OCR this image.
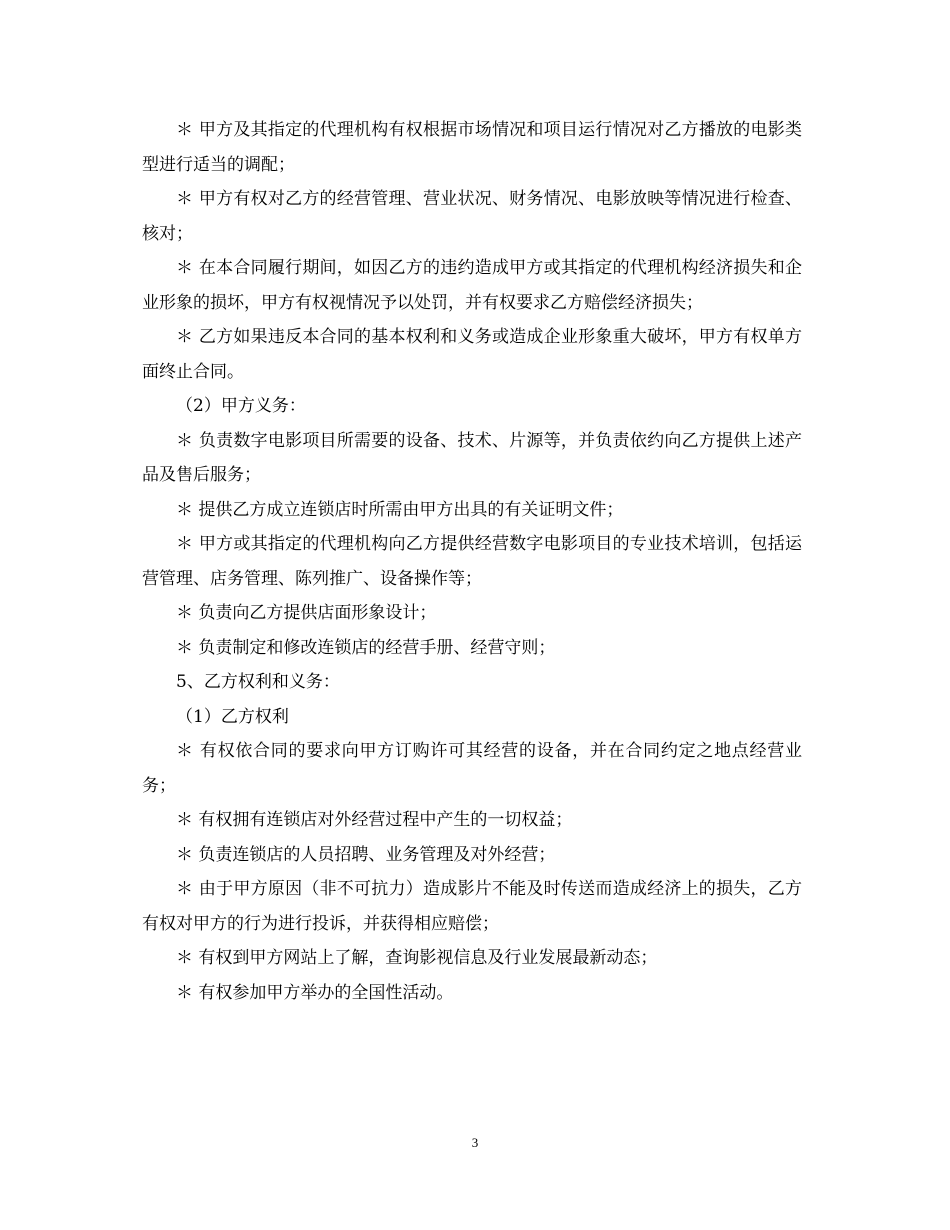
＊ 甲方及其指定的代理机构有权根据市场情况和项目运行情况对乙方播放的电影类型进行适当的调配；

＊ 甲方有权对乙方的经营管理、营业状况、财务情况、电影放映等情况进行检查、核对；

＊ 在本合同履行期间，如因乙方的违约造成甲方或其指定的代理机构经济损失和企业形象的损坏，甲方有权视情况予以处罚，并有权要求乙方赔偿经济损失；

＊ 乙方如果违反本合同的基本权利和义务或造成企业形象重大破坏，甲方有权单方面终止合同。

（2）甲方义务：

＊ 负责数字电影项目所需要的设备、技术、片源等，并负责依约向乙方提供上述产品及售后服务；

＊ 提供乙方成立连锁店时所需由甲方出具的有关证明文件；

＊ 甲方或其指定的代理机构向乙方提供经营数字电影项目的专业技术培训，包括运营管理、店务管理、陈列推广、设备操作等；

＊ 负责向乙方提供店面形象设计；

＊ 负责制定和修改连锁店的经营手册、经营守则；

5、乙方权利和义务：

（1）乙方权利

＊ 有权依合同的要求向甲方订购许可其经营的设备，并在合同约定之地点经营业务；

＊ 有权拥有连锁店对外经营过程中产生的一切权益；

＊ 负责连锁店的人员招聘、业务管理及对外经营；

＊ 由于甲方原因（非不可抗力）造成影片不能及时传送而造成经济上的损失，乙方有权对甲方的行为进行投诉，并获得相应赔偿；

＊ 有权到甲方网站上了解，查询影视信息及行业发展最新动态；

＊ 有权参加甲方举办的全国性活动。

3
